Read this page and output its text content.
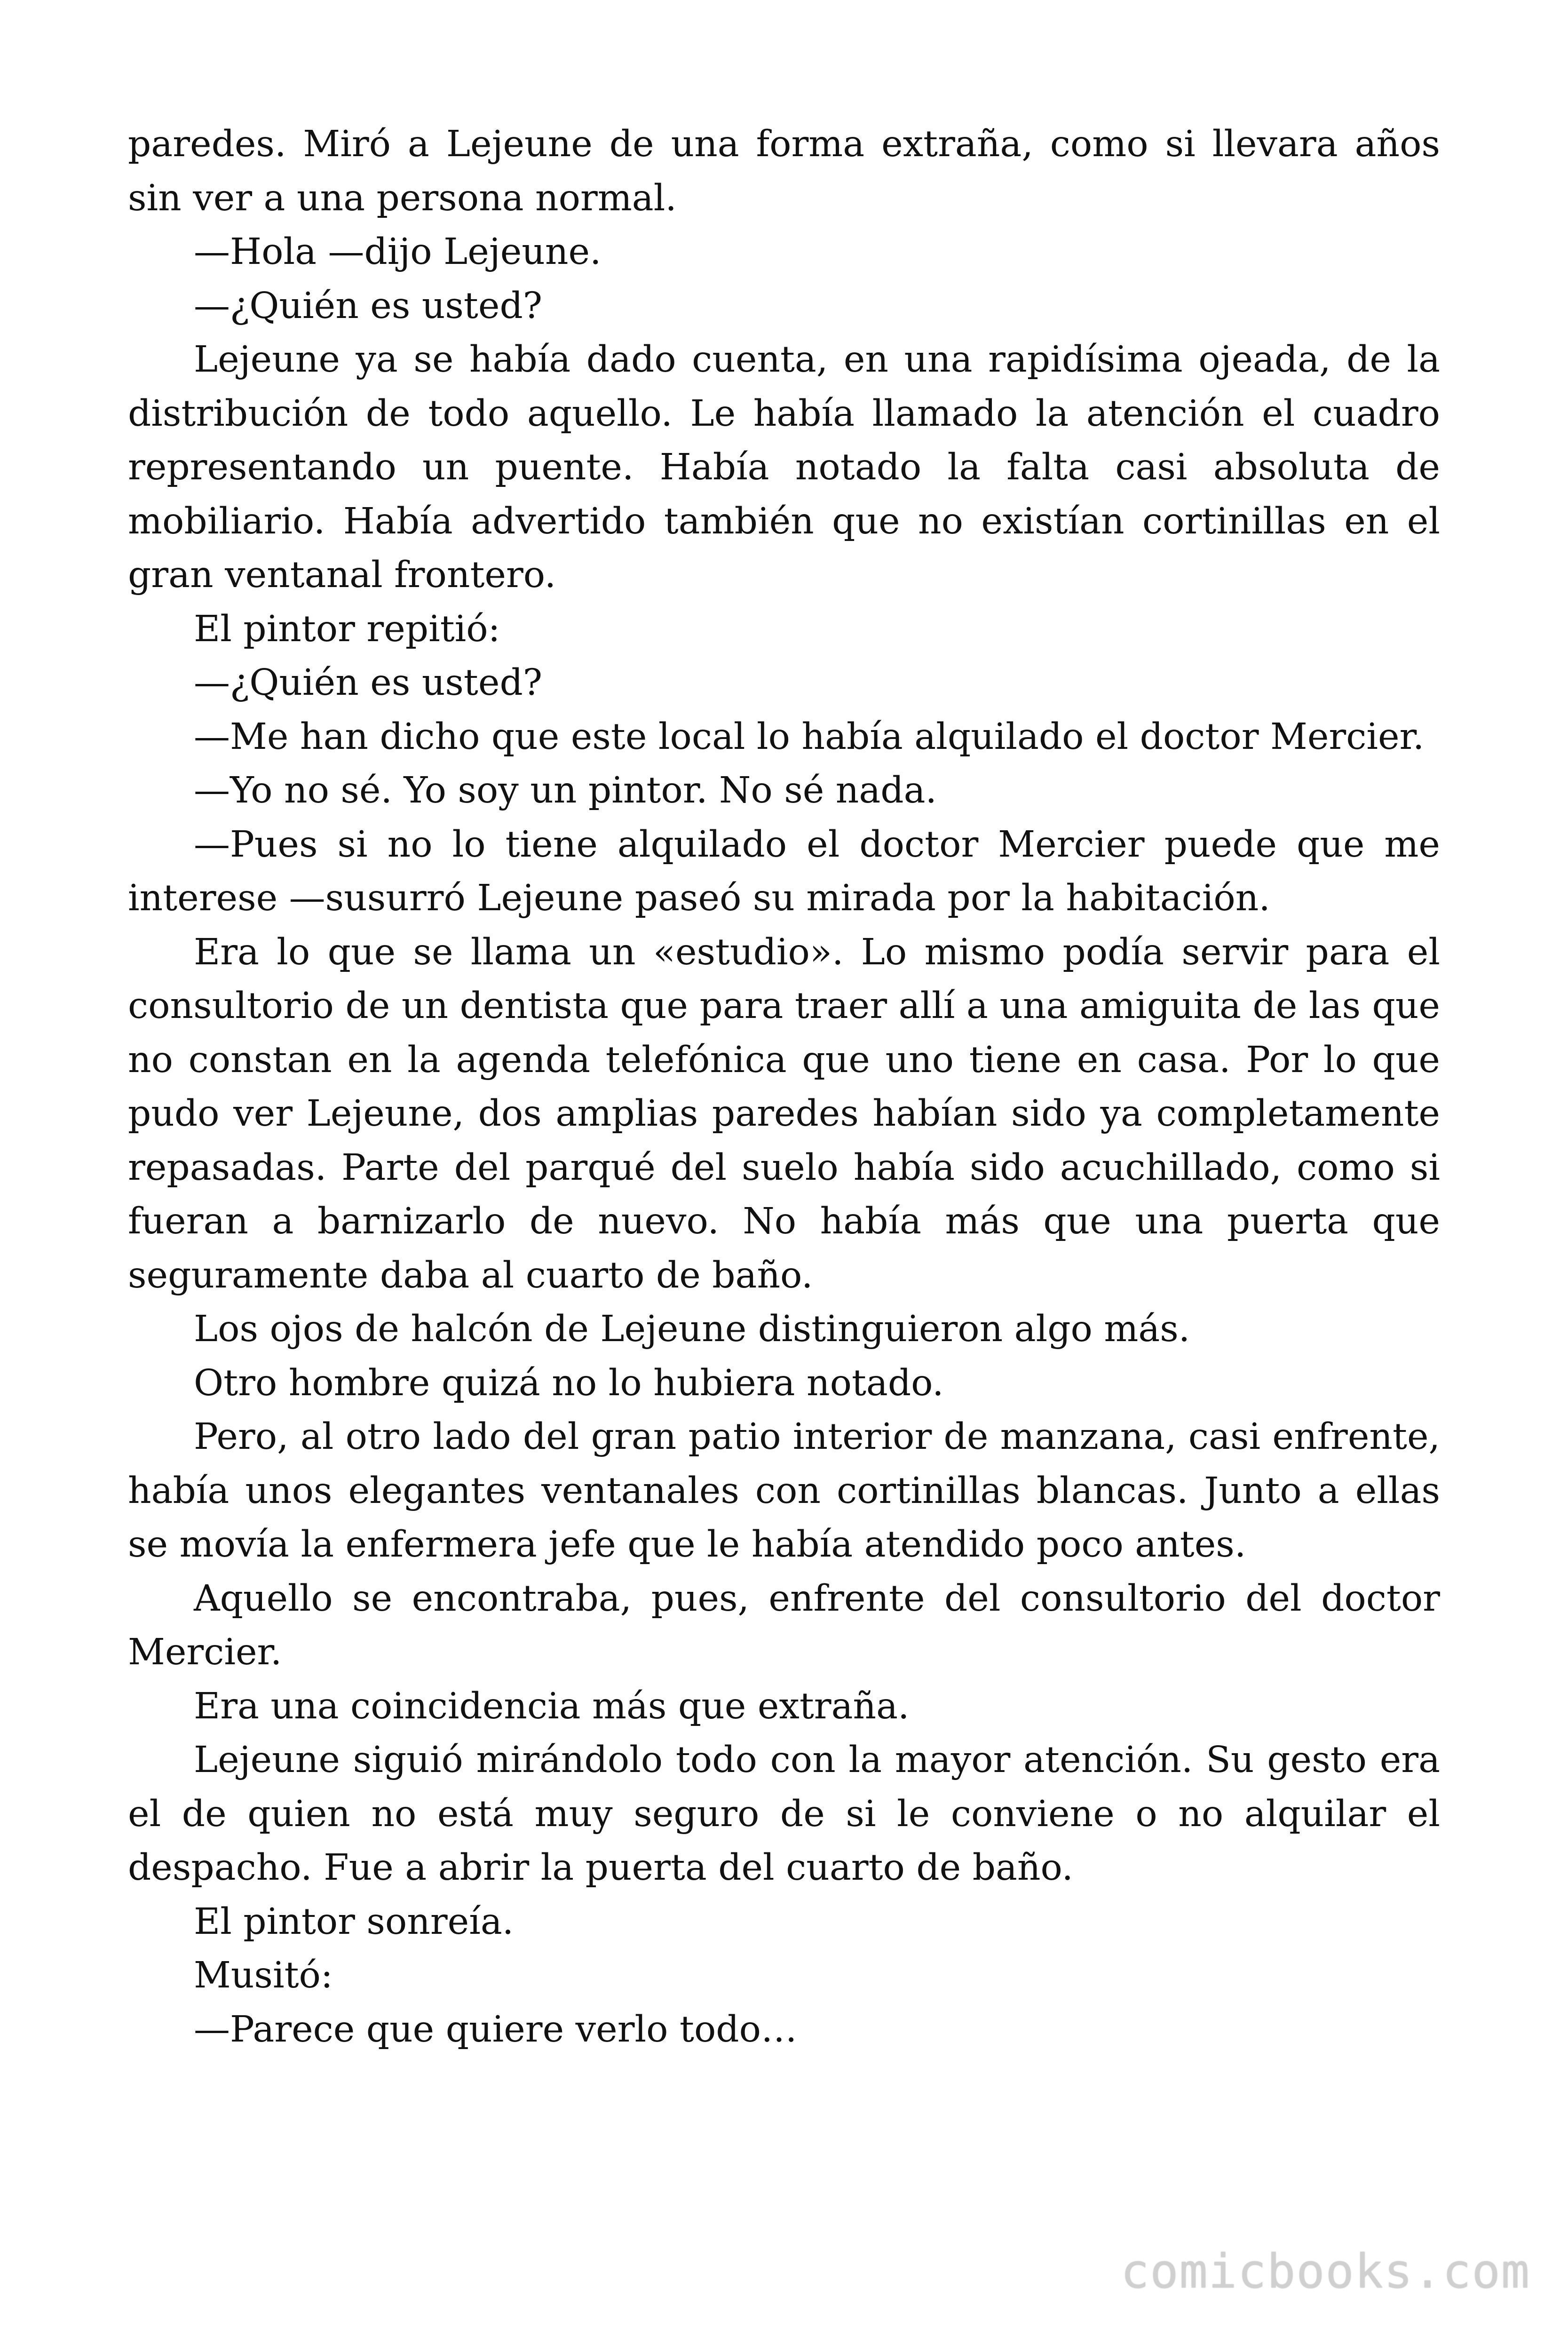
paredes. Miró a Lejeune de una forma extraña, como si llevara años sin ver a una persona normal.

—Hola —dijo Lejeune.

—¿Quién es usted?

Lejeune ya se había dado cuenta, en una rapidísima ojeada, de la distribución de todo aquello. Le había llamado la atención el cuadro representando un puente. Había notado la falta casi absoluta de mobiliario. Había advertido también que no existían cortinillas en el gran ventanal frontero.

El pintor repitió:

—¿Quién es usted?

—Me han dicho que este local lo había alquilado el doctor Mercier.

—Yo no sé. Yo soy un pintor. No sé nada.

—Pues si no lo tiene alquilado el doctor Mercier puede que me interese —susurró Lejeune paseó su mirada por la habitación.

Era lo que se llama un «estudio». Lo mismo podía servir para el consultorio de un dentista que para traer allí a una amiguita de las que no constan en la agenda telefónica que uno tiene en casa. Por lo que pudo ver Lejeune, dos amplias paredes habían sido ya completamente repasadas. Parte del parqué del suelo había sido acuchillado, como si fueran a barnizarlo de nuevo. No había más que una puerta que seguramente daba al cuarto de baño.

Los ojos de halcón de Lejeune distinguieron algo más.

Otro hombre quizá no lo hubiera notado.

Pero, al otro lado del gran patio interior de manzana, casi enfrente, había unos elegantes ventanales con cortinillas blancas. Junto a ellas se movía la enfermera jefe que le había atendido poco antes.

Aquello se encontraba, pues, enfrente del consultorio del doctor Mercier.

Era una coincidencia más que extraña.

Lejeune siguió mirándolo todo con la mayor atención. Su gesto era el de quien no está muy seguro de si le conviene o no alquilar el despacho. Fue a abrir la puerta del cuarto de baño.

El pintor sonreía.

Musitó:

—Parece que quiere verlo todo…

comicbooks.com
